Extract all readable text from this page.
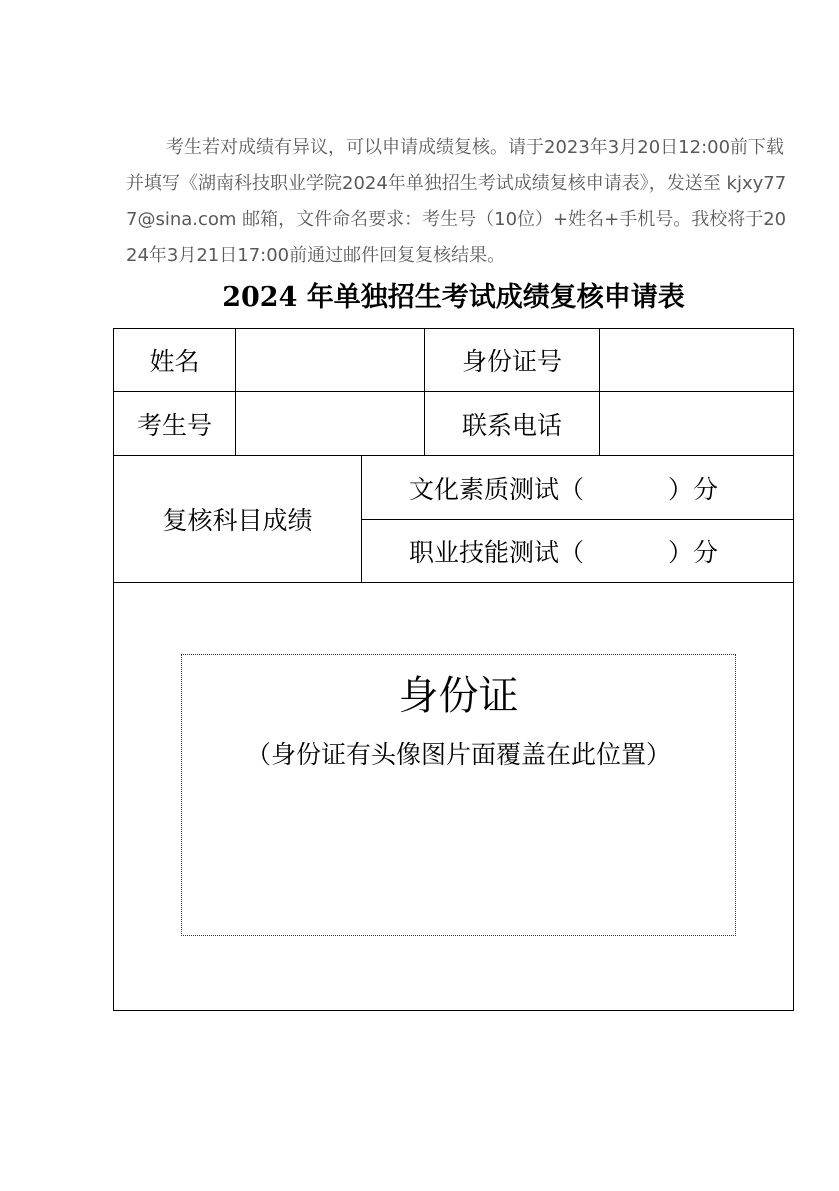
考生若对成绩有异议，可以申请成绩复核。请于2023年3月20日12:00前下载并填写《湖南科技职业学院2024年单独招生考试成绩复核申请表》，发送至 kjxy777@sina.com 邮箱，文件命名要求：考生号（10位）+姓名+手机号。我校将于2024年3月21日17:00前通过邮件回复复核结果。

2024 年单独招生考试成绩复核申请表
姓名	身份证号
考生号	联系电话
复核科目成绩
文化素质测试（	）分
职业技能测试（	）分
身份证
（身份证有头像图片面覆盖在此位置）
